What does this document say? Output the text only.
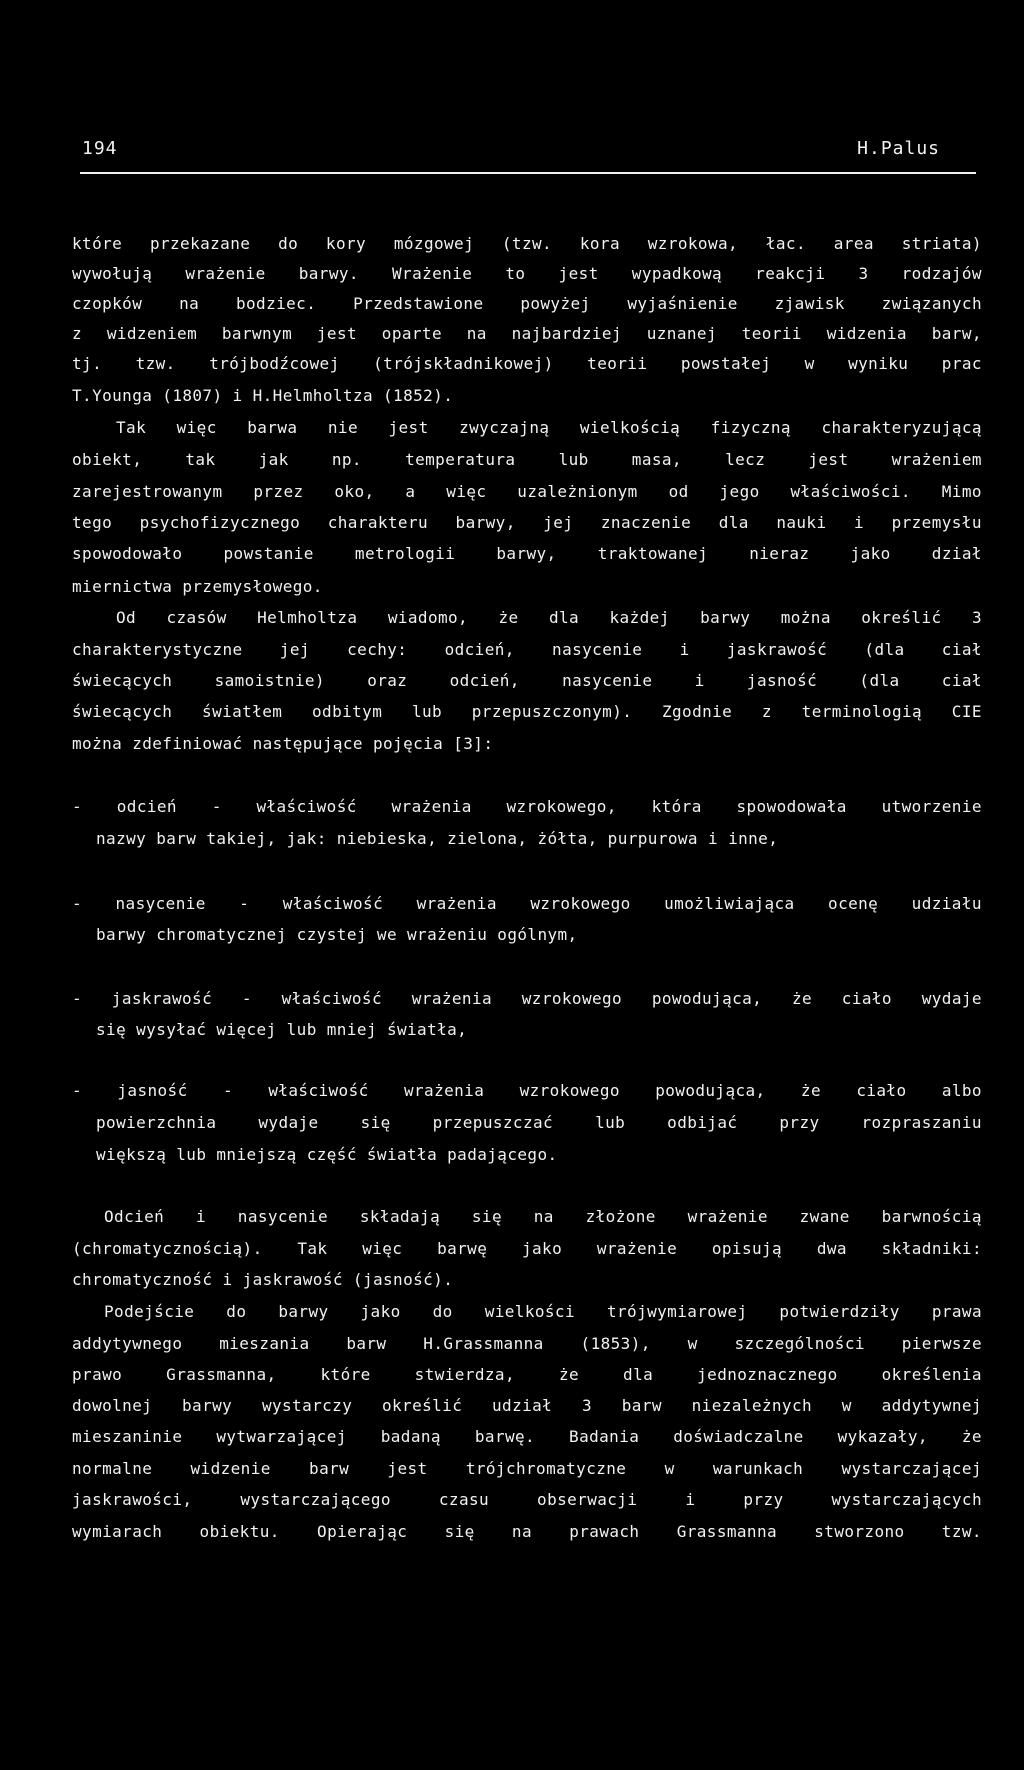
194	H.Palus
które przekazane do kory mózgowej (tzw. kora wzrokowa, łac. area striata)
wywołują wrażenie barwy. Wrażenie to jest wypadkową reakcji 3 rodzajów
czopków na bodziec. Przedstawione powyżej wyjaśnienie zjawisk związanych
z widzeniem barwnym jest oparte na najbardziej uznanej teorii widzenia barw,
tj. tzw. trójbodźcowej (trójskładnikowej) teorii powstałej w wyniku prac
T.Younga (1807) i H.Helmholtza (1852).
Tak więc barwa nie jest zwyczajną wielkością fizyczną charakteryzującą
obiekt,	tak	jak	np.	temperatura	lub	masa,	lecz	jest	wrażeniem
zarejestrowanym przez oko, a więc uzależnionym od jego właściwości. Mimo
tego psychofizycznego charakteru barwy, jej znaczenie dla nauki i przemysłu
spowodowało	powstanie	metrologii	barwy,	traktowanej	nieraz	jako	dział
miernictwa przemysłowego.
Od czasów Helmholtza wiadomo, że dla każdej barwy można określić 3
charakterystyczne jej cechy: odcień, nasycenie i jaskrawość (dla ciał
świecących	samoistnie)	oraz	odcień,	nasycenie	i	jasność	(dla	ciał
świecących światłem odbitym lub przepuszczonym). Zgodnie z terminologią CIE
można zdefiniować następujące pojęcia [3]:
- odcień - właściwość wrażenia wzrokowego, która spowodowała utworzenie
nazwy barw takiej, jak: niebieska, zielona, żółta, purpurowa i inne,
- nasycenie - właściwość wrażenia wzrokowego umożliwiająca ocenę udziału
barwy chromatycznej czystej we wrażeniu ogólnym,
- jaskrawość - właściwość wrażenia wzrokowego powodująca, że ciało wydaje
się wysyłać więcej lub mniej światła,
- jasność - właściwość wrażenia wzrokowego powodująca, że ciało albo
powierzchnia	wydaje	się	przepuszczać	lub	odbijać	przy	rozpraszaniu
większą lub mniejszą część światła padającego.
Odcień i nasycenie składają się na złożone wrażenie zwane barwnością
(chromatycznością). Tak więc barwę jako wrażenie opisują dwa składniki:
chromatyczność i jaskrawość (jasność).
Podejście do barwy jako do wielkości trójwymiarowej potwierdziły prawa
addytywnego mieszania barw H.Grassmanna (1853), w szczególności pierwsze
prawo	Grassmanna,	które	stwierdza,	że	dla	jednoznacznego	określenia
dowolnej barwy wystarczy określić udział 3 barw niezależnych w addytywnej
mieszaninie wytwarzającej badaną barwę. Badania doświadczalne wykazały, że
normalne widzenie barw jest trójchromatyczne w warunkach wystarczającej
jaskrawości,	wystarczającego	czasu	obserwacji	i	przy	wystarczających
wymiarach obiektu. Opierając się na prawach Grassmanna stworzono tzw.
